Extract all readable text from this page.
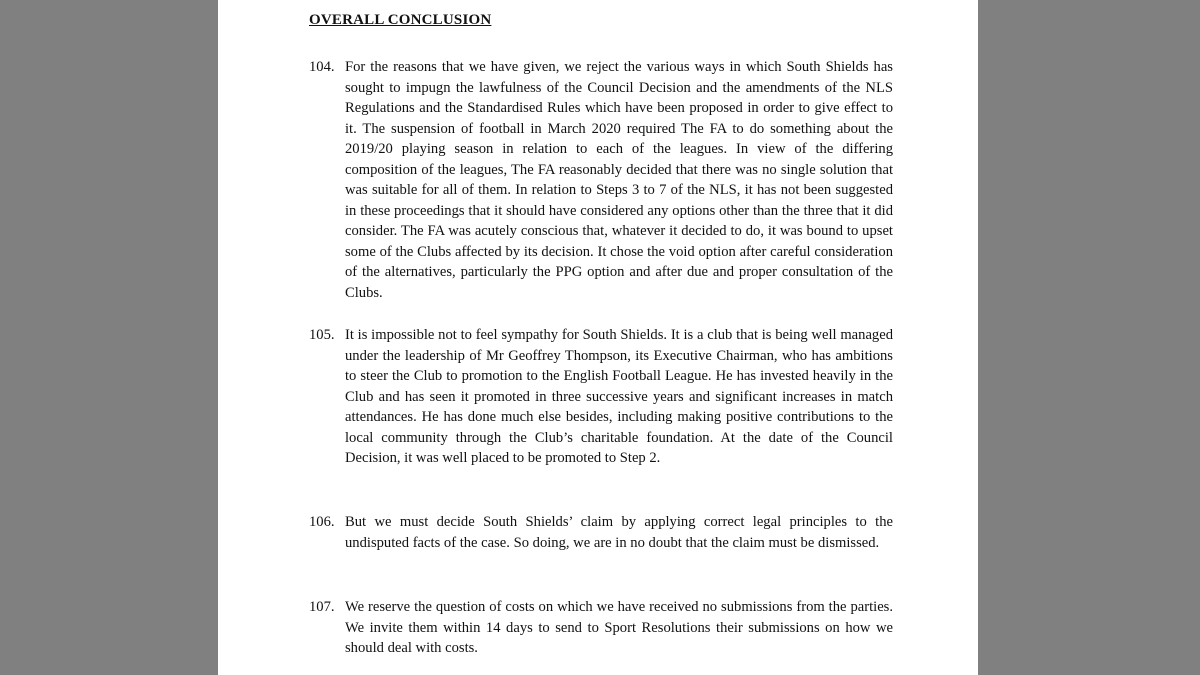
OVERALL CONCLUSION
104. For the reasons that we have given, we reject the various ways in which South Shields has sought to impugn the lawfulness of the Council Decision and the amendments of the NLS Regulations and the Standardised Rules which have been proposed in order to give effect to it. The suspension of football in March 2020 required The FA to do something about the 2019/20 playing season in relation to each of the leagues. In view of the differing composition of the leagues, The FA reasonably decided that there was no single solution that was suitable for all of them. In relation to Steps 3 to 7 of the NLS, it has not been suggested in these proceedings that it should have considered any options other than the three that it did consider. The FA was acutely conscious that, whatever it decided to do, it was bound to upset some of the Clubs affected by its decision. It chose the void option after careful consideration of the alternatives, particularly the PPG option and after due and proper consultation of the Clubs.
105. It is impossible not to feel sympathy for South Shields. It is a club that is being well managed under the leadership of Mr Geoffrey Thompson, its Executive Chairman, who has ambitions to steer the Club to promotion to the English Football League. He has invested heavily in the Club and has seen it promoted in three successive years and significant increases in match attendances. He has done much else besides, including making positive contributions to the local community through the Club’s charitable foundation. At the date of the Council Decision, it was well placed to be promoted to Step 2.
106. But we must decide South Shields’ claim by applying correct legal principles to the undisputed facts of the case. So doing, we are in no doubt that the claim must be dismissed.
107. We reserve the question of costs on which we have received no submissions from the parties. We invite them within 14 days to send to Sport Resolutions their submissions on how we should deal with costs.
